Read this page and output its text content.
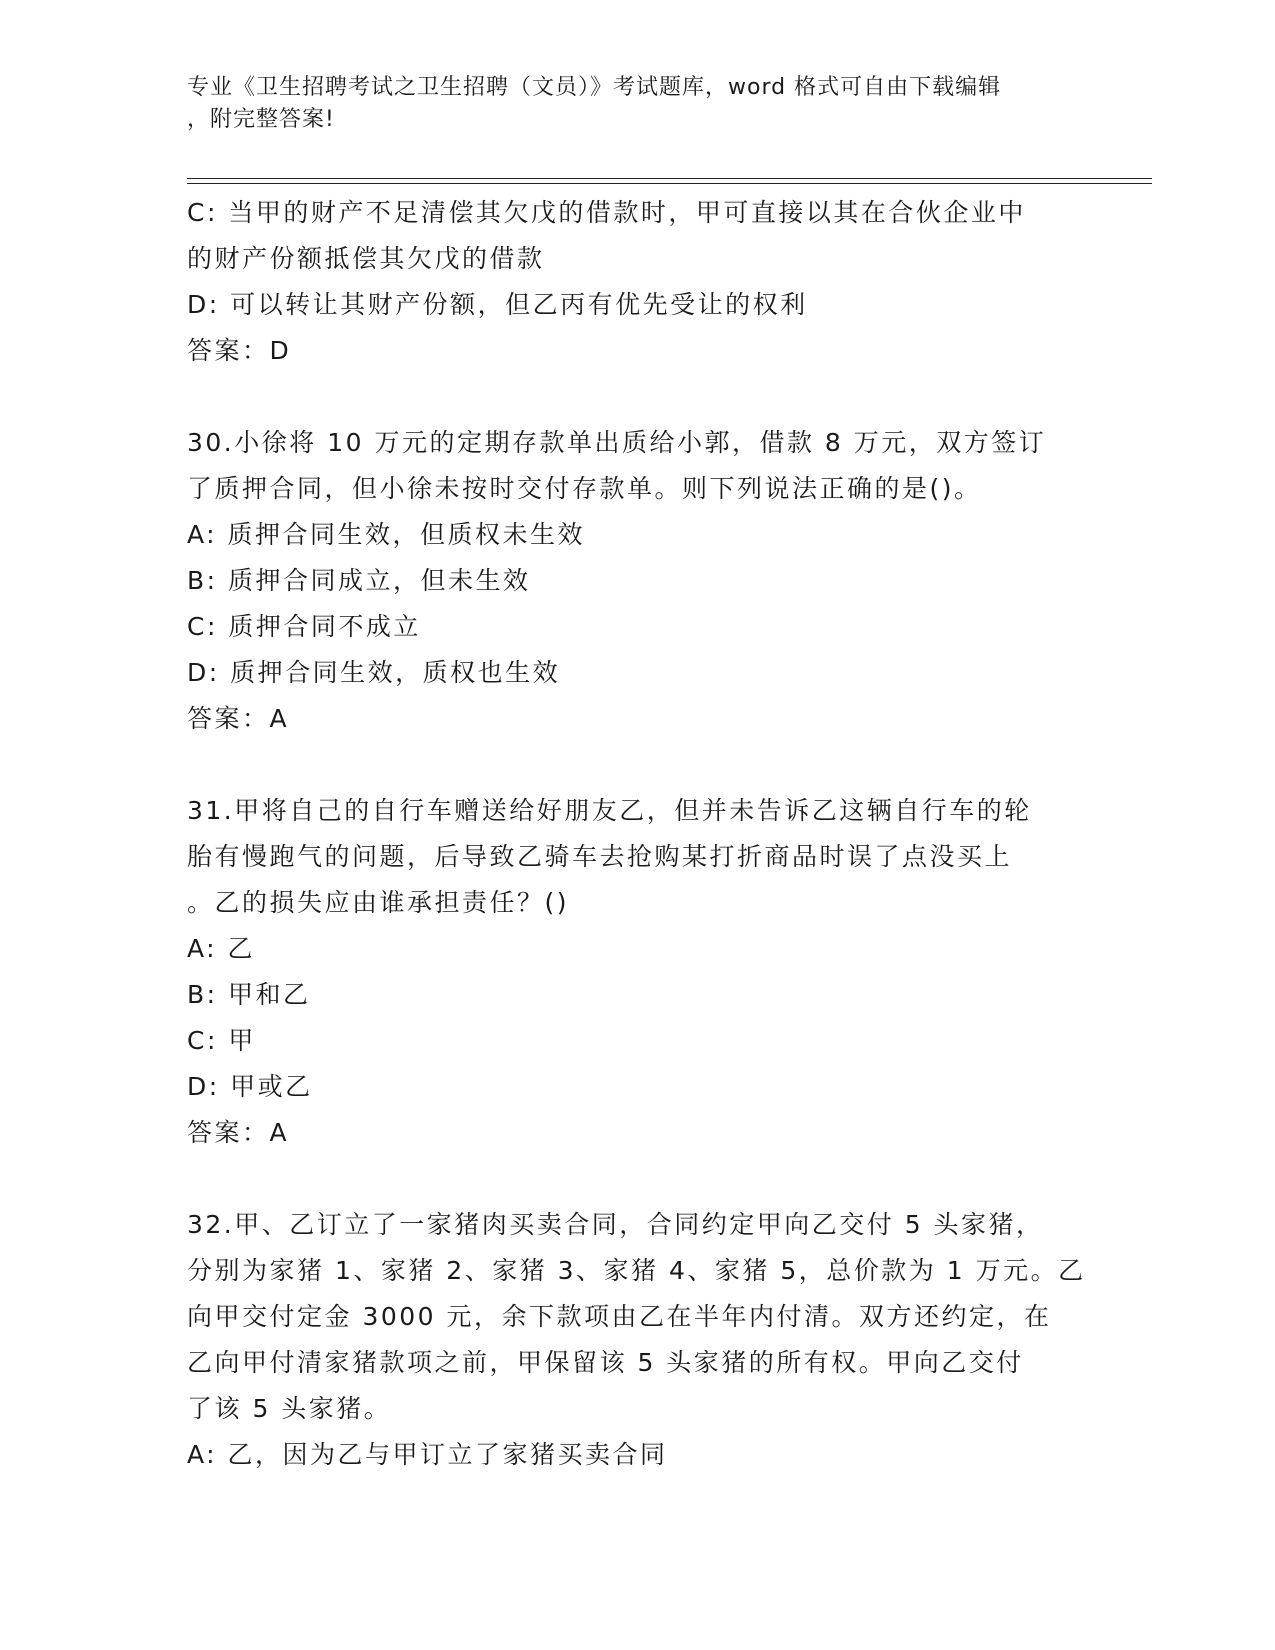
专业《卫生招聘考试之卫生招聘（文员）》考试题库，word 格式可自由下载编辑
，附完整答案!
C: 当甲的财产不足清偿其欠戊的借款时，甲可直接以其在合伙企业中
的财产份额抵偿其欠戊的借款
D: 可以转让其财产份额，但乙丙有优先受让的权利
答案：D
30.小徐将 10 万元的定期存款单出质给小郭，借款 8 万元，双方签订
了质押合同，但小徐未按时交付存款单。则下列说法正确的是()。
A: 质押合同生效，但质权未生效
B: 质押合同成立，但未生效
C: 质押合同不成立
D: 质押合同生效，质权也生效
答案：A
31.甲将自己的自行车赠送给好朋友乙，但并未告诉乙这辆自行车的轮
胎有慢跑气的问题，后导致乙骑车去抢购某打折商品时误了点没买上
。乙的损失应由谁承担责任？()
A: 乙
B: 甲和乙
C: 甲
D: 甲或乙
答案：A
32.甲、乙订立了一家猪肉买卖合同，合同约定甲向乙交付 5 头家猪，
分别为家猪 1、家猪 2、家猪 3、家猪 4、家猪 5，总价款为 1 万元。乙
向甲交付定金 3000 元，余下款项由乙在半年内付清。双方还约定，在
乙向甲付清家猪款项之前，甲保留该 5 头家猪的所有权。甲向乙交付
了该 5 头家猪。
A: 乙，因为乙与甲订立了家猪买卖合同
